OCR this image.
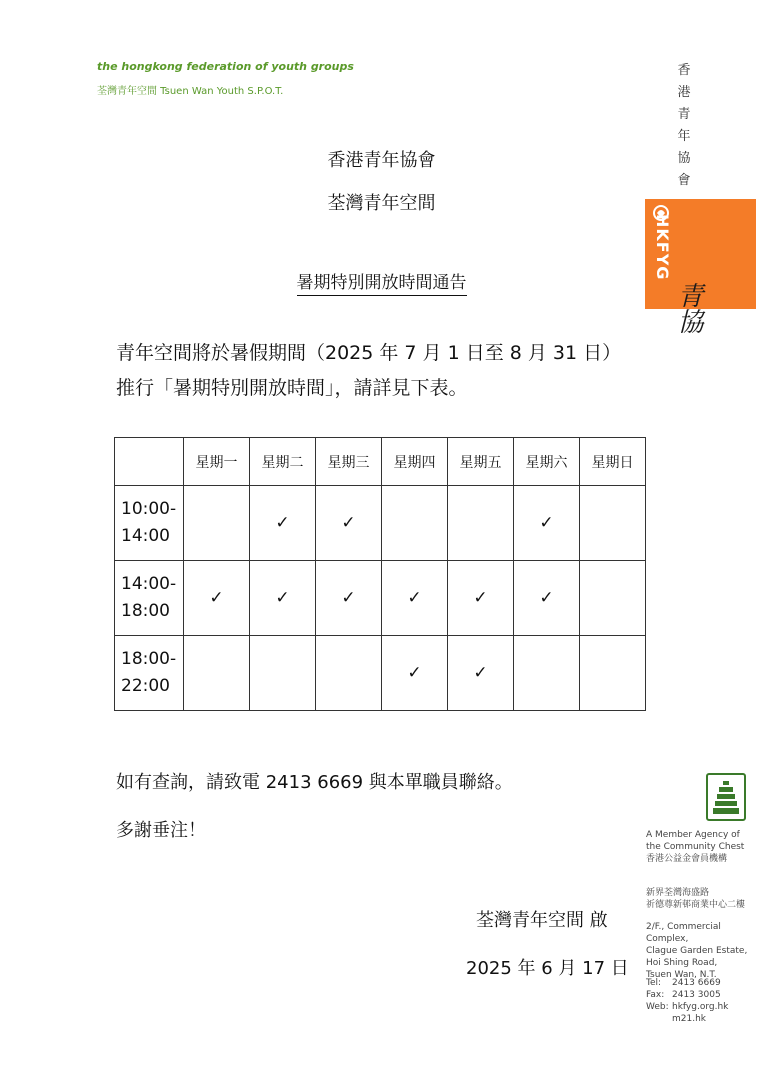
the hongkong federation of youth groups
荃灣青年空間 Tsuen Wan Youth S.P.O.T.
香
港
青
年
協
會
HKFYG
青協
香港青年協會
荃灣青年空間
暑期特別開放時間通告
青年空間將於暑假期間（2025 年 7 月 1 日至 8 月 31 日）
推行「暑期特別開放時間」，請詳見下表。
	星期一	星期二	星期三	星期四	星期五	星期六	星期日

10:00-
14:00		✓	✓			✓	

14:00-
18:00	✓	✓	✓	✓	✓	✓	

18:00-
22:00				✓	✓		
如有查詢，請致電 2413 6669 與本單職員聯絡。
多謝垂注！
荃灣青年空間 啟
2025 年 6 月 17 日
A Member Agency of
the Community Chest
香港公益金會員機構
新界荃灣海盛路
祈德尊新邨商業中心二樓
2/F., Commercial Complex,
Clague Garden Estate,
Hoi Shing Road,
Tsuen Wan, N.T.
Tel: 2413 6669
Fax: 2413 3005
Web: hkfyg.org.hk
m21.hk
